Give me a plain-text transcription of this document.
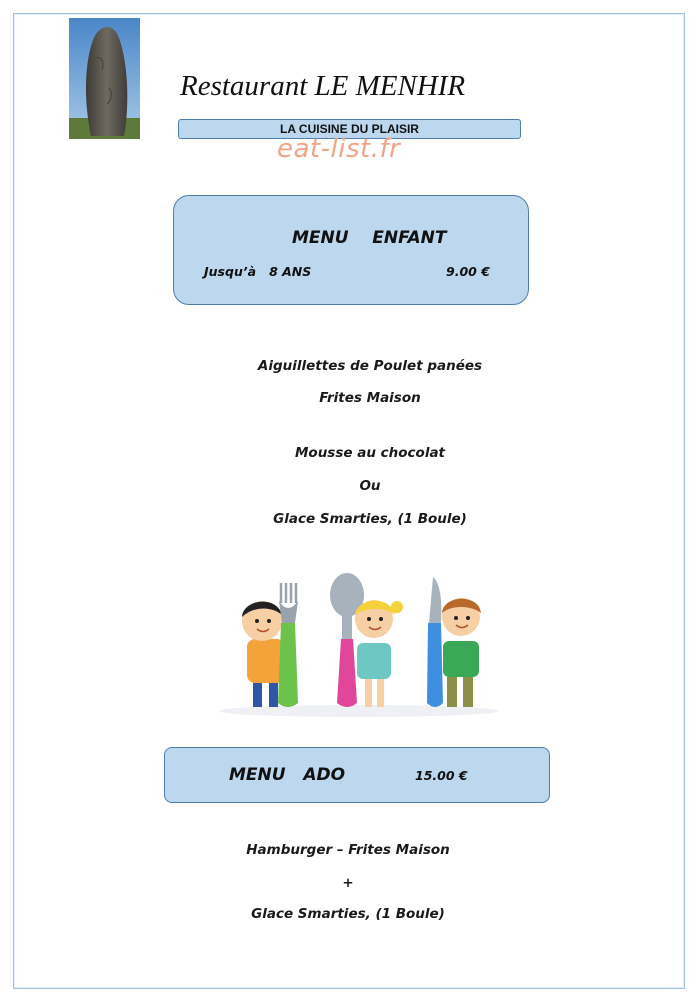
Restaurant LE MENHIR
LA CUISINE DU PLAISIR
eat-list.fr
MENU    ENFANT
Jusqu’à   8 ANS	9.00 €
Aiguillettes de Poulet panées
Frites Maison
Mousse au chocolat
Ou
Glace Smarties, (1 Boule)
MENU   ADO	15.00 €
Hamburger – Frites Maison
+
Glace Smarties, (1 Boule)
